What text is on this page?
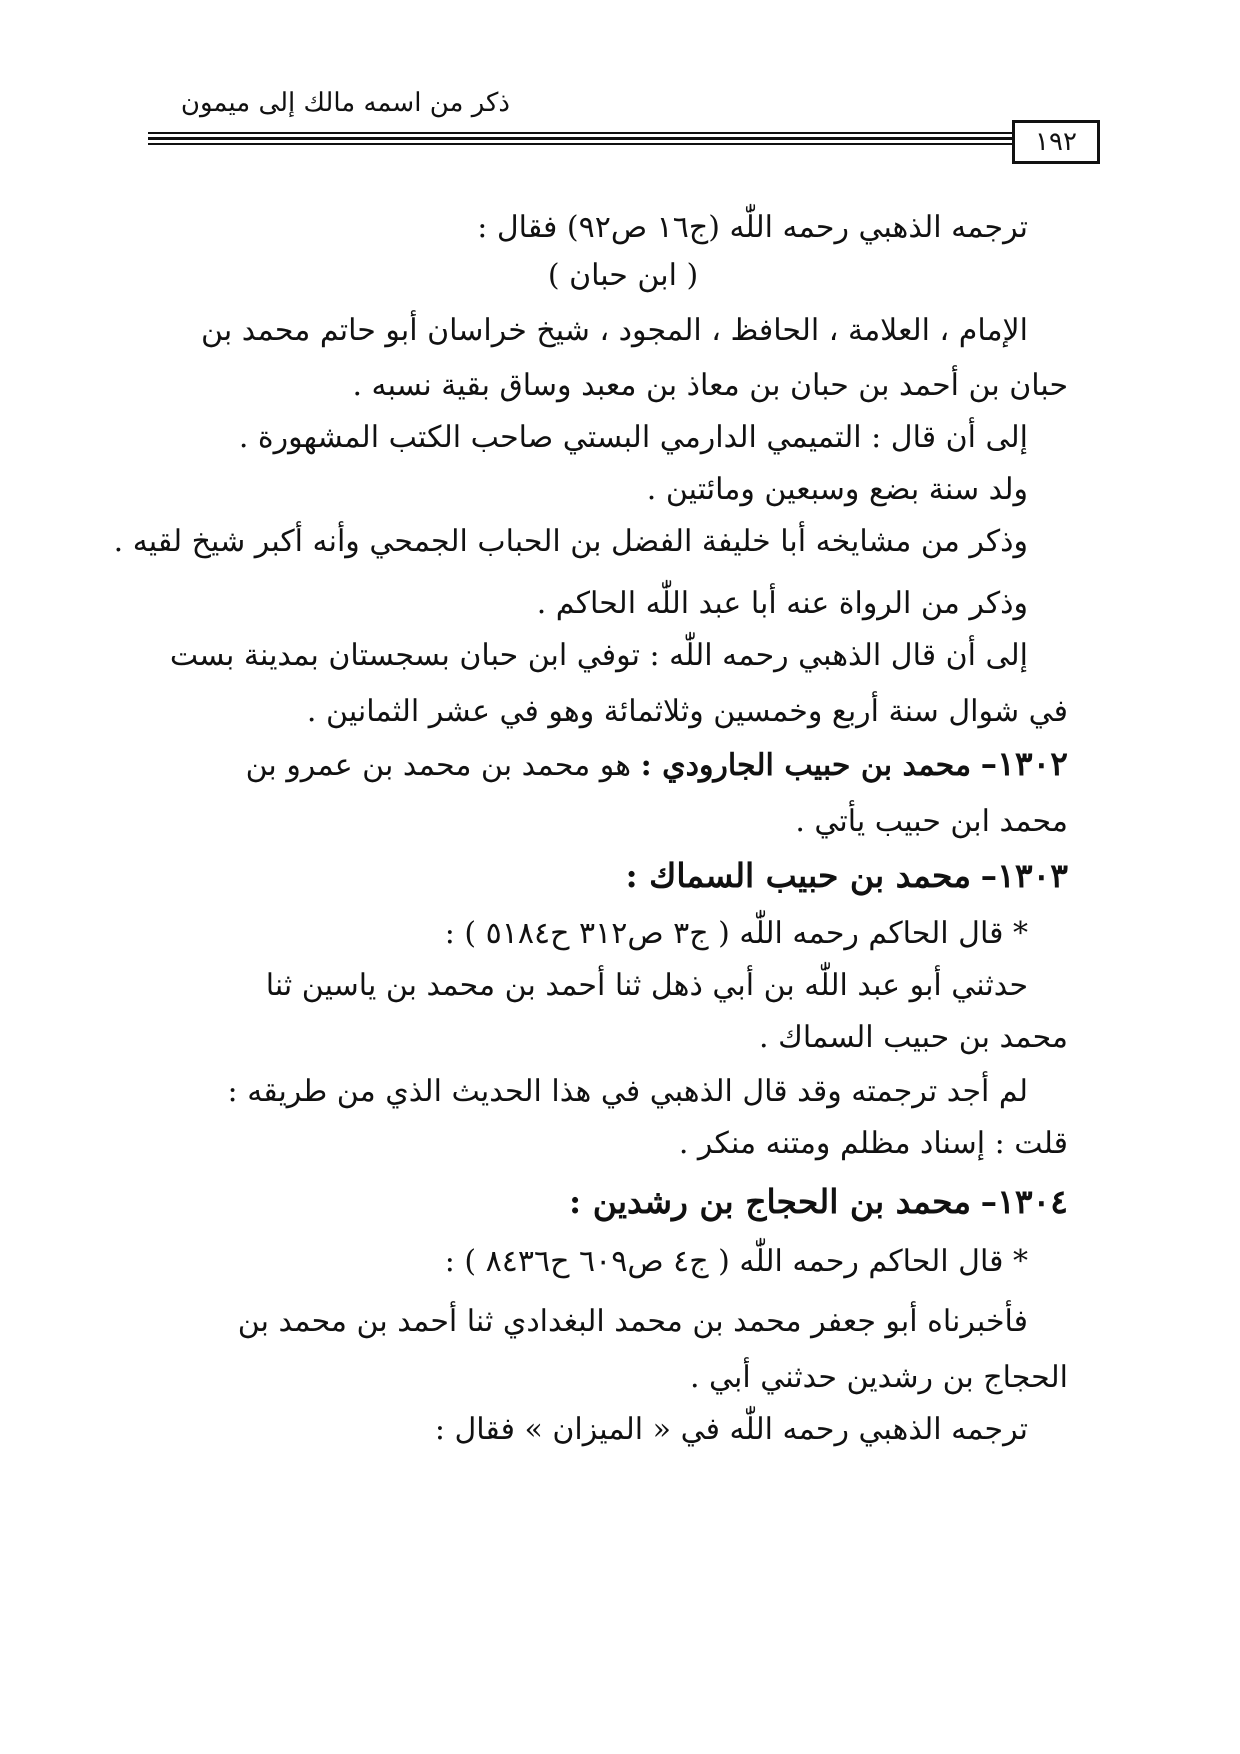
ذكر من اسمه مالك إلى ميمون
١٩٢
ترجمه الذهبي رحمه اللّٰه (ج١٦ ص٩٢) فقال :
( ابن حبان )
الإمام ، العلامة ، الحافظ ، المجود ، شيخ خراسان أبو حاتم محمد بن
حبان بن أحمد بن حبان بن معاذ بن معبد وساق بقية نسبه .
إلى أن قال : التميمي الدارمي البستي صاحب الكتب المشهورة .
ولد سنة بضع وسبعين ومائتين .
وذكر من مشايخه أبا خليفة الفضل بن الحباب الجمحي وأنه أكبر شيخ لقيه .
وذكر من الرواة عنه أبا عبد اللّٰه الحاكم .
إلى أن قال الذهبي رحمه اللّٰه : توفي ابن حبان بسجستان بمدينة بست
في شوال سنة أربع وخمسين وثلاثمائة وهو في عشر الثمانين .
١٣٠٢– محمد بن حبيب الجارودي : هو محمد بن محمد بن عمرو بن
محمد ابن حبيب يأتي .
١٣٠٣– محمد بن حبيب السماك :
* قال الحاكم رحمه اللّٰه ( ج٣ ص٣١٢ ح٥١٨٤ ) :
حدثني أبو عبد اللّٰه بن أبي ذهل ثنا أحمد بن محمد بن ياسين ثنا
محمد بن حبيب السماك .
لم أجد ترجمته وقد قال الذهبي في هذا الحديث الذي من طريقه :
قلت : إسناد مظلم ومتنه منكر .
١٣٠٤– محمد بن الحجاج بن رشدين :
* قال الحاكم رحمه اللّٰه ( ج٤ ص٦٠٩ ح٨٤٣٦ ) :
فأخبرناه أبو جعفر محمد بن محمد البغدادي ثنا أحمد بن محمد بن
الحجاج بن رشدين حدثني أبي .
ترجمه الذهبي رحمه اللّٰه في « الميزان » فقال :
